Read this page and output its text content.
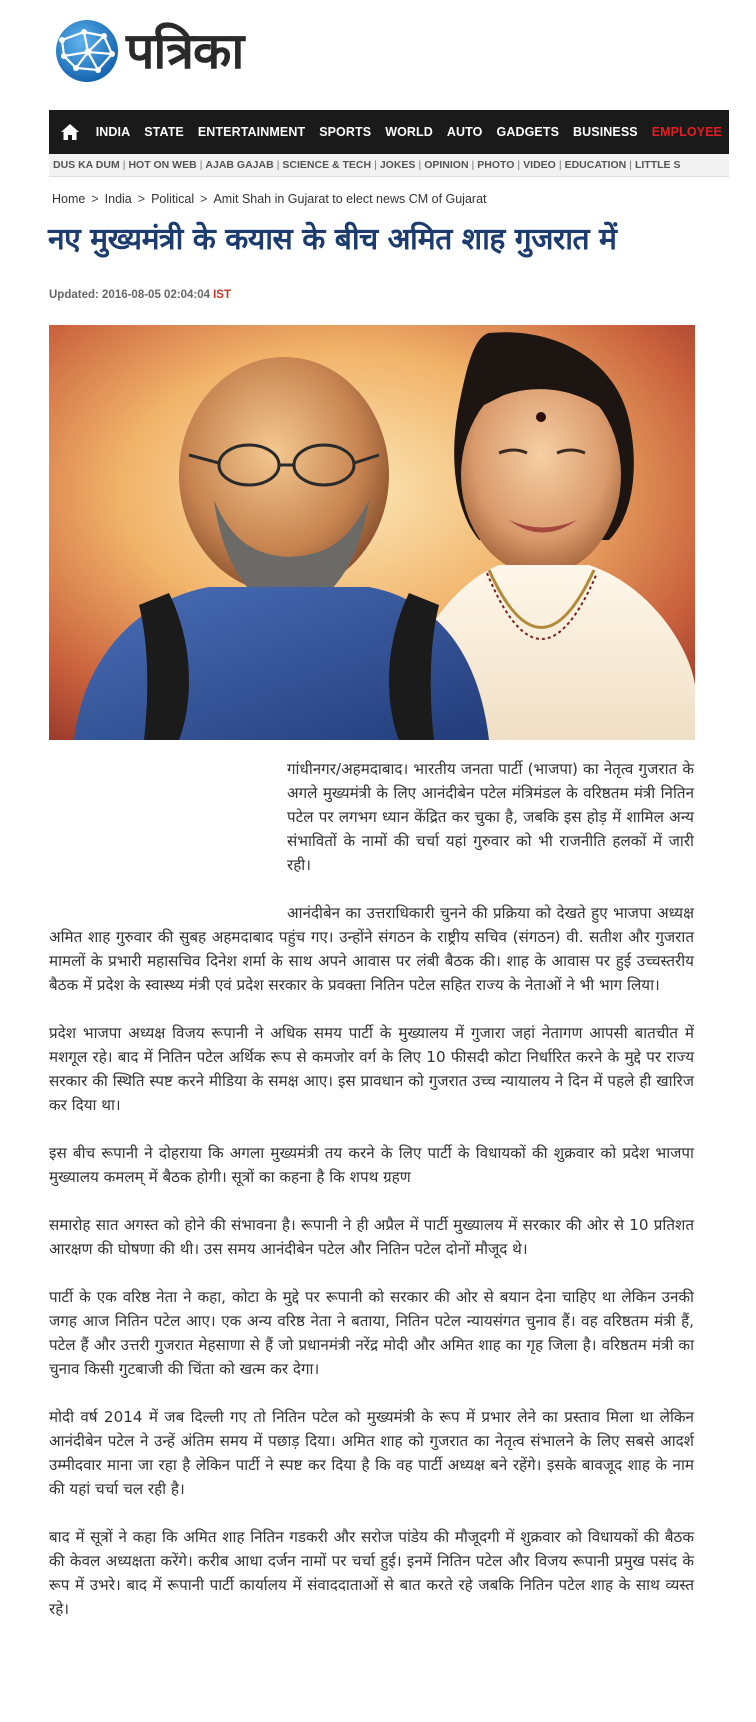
पत्रिका
INDIA STATE ENTERTAINMENT SPORTS WORLD AUTO GADGETS BUSINESS EMPLOYEE
DUS KA DUM | HOT ON WEB | AJAB GAJAB | SCIENCE & TECH | JOKES | OPINION | PHOTO | VIDEO | EDUCATION | LITTLE S
Home > India > Political > Amit Shah in Gujarat to elect news CM of Gujarat
नए मुख्यमंत्री के कयास के बीच अमित शाह गुजरात में
Updated: 2016-08-05 02:04:04 IST

गांधीनगर/अहमदाबाद। भारतीय जनता पार्टी (भाजपा) का नेतृत्व गुजरात के अगले मुख्यमंत्री के लिए आनंदीबेन पटेल मंत्रिमंडल के वरिष्ठतम मंत्री नितिन पटेल पर लगभग ध्यान केंद्रित कर चुका है, जबकि इस होड़ में शामिल अन्य संभावितों के नामों की चर्चा यहां गुरुवार को भी राजनीति हलकों में जारी रही।

आनंदीबेन का उत्तराधिकारी चुनने की प्रक्रिया को देखते हुए भाजपा अध्यक्ष अमित शाह गुरुवार की सुबह अहमदाबाद पहुंच गए। उन्होंने संगठन के राष्ट्रीय सचिव (संगठन) वी. सतीश और गुजरात मामलों के प्रभारी महासचिव दिनेश शर्मा के साथ अपने आवास पर लंबी बैठक की। शाह के आवास पर हुई उच्चस्तरीय बैठक में प्रदेश के स्वास्थ्य मंत्री एवं प्रदेश सरकार के प्रवक्ता नितिन पटेल सहित राज्य के नेताओं ने भी भाग लिया।

प्रदेश भाजपा अध्यक्ष विजय रूपानी ने अधिक समय पार्टी के मुख्यालय में गुजारा जहां नेतागण आपसी बातचीत में मशगूल रहे। बाद में नितिन पटेल अर्थिक रूप से कमजोर वर्ग के लिए 10 फीसदी कोटा निर्धारित करने के मुद्दे पर राज्य सरकार की स्थिति स्पष्ट करने मीडिया के समक्ष आए। इस प्रावधान को गुजरात उच्च न्यायालय ने दिन में पहले ही खारिज कर दिया था।

इस बीच रूपानी ने दोहराया कि अगला मुख्यमंत्री तय करने के लिए पार्टी के विधायकों की शुक्रवार को प्रदेश भाजपा मुख्यालय कमलम् में बैठक होगी। सूत्रों का कहना है कि शपथ ग्रहण

समारोह सात अगस्त को होने की संभावना है। रूपानी ने ही अप्रैल में पार्टी मुख्यालय में सरकार की ओर से 10 प्रतिशत आरक्षण की घोषणा की थी। उस समय आनंदीबेन पटेल और नितिन पटेल दोनों मौजूद थे।

पार्टी के एक वरिष्ठ नेता ने कहा, कोटा के मुद्दे पर रूपानी को सरकार की ओर से बयान देना चाहिए था लेकिन उनकी जगह आज नितिन पटेल आए। एक अन्य वरिष्ठ नेता ने बताया, नितिन पटेल न्यायसंगत चुनाव हैं। वह वरिष्ठतम मंत्री हैं, पटेल हैं और उत्तरी गुजरात मेहसाणा से हैं जो प्रधानमंत्री नरेंद्र मोदी और अमित शाह का गृह जिला है। वरिष्ठतम मंत्री का चुनाव किसी गुटबाजी की चिंता को खत्म कर देगा।

मोदी वर्ष 2014 में जब दिल्ली गए तो नितिन पटेल को मुख्यमंत्री के रूप में प्रभार लेने का प्रस्ताव मिला था लेकिन आनंदीबेन पटेल ने उन्हें अंतिम समय में पछाड़ दिया। अमित शाह को गुजरात का नेतृत्व संभालने के लिए सबसे आदर्श उम्मीदवार माना जा रहा है लेकिन पार्टी ने स्पष्ट कर दिया है कि वह पार्टी अध्यक्ष बने रहेंगे। इसके बावजूद शाह के नाम की यहां चर्चा चल रही है।

बाद में सूत्रों ने कहा कि अमित शाह नितिन गडकरी और सरोज पांडेय की मौजूदगी में शुक्रवार को विधायकों की बैठक की केवल अध्यक्षता करेंगे। करीब आधा दर्जन नामों पर चर्चा हुई। इनमें नितिन पटेल और विजय रूपानी प्रमुख पसंद के रूप में उभरे। बाद में रूपानी पार्टी कार्यालय में संवाददाताओं से बात करते रहे जबकि नितिन पटेल शाह के साथ व्यस्त रहे।
